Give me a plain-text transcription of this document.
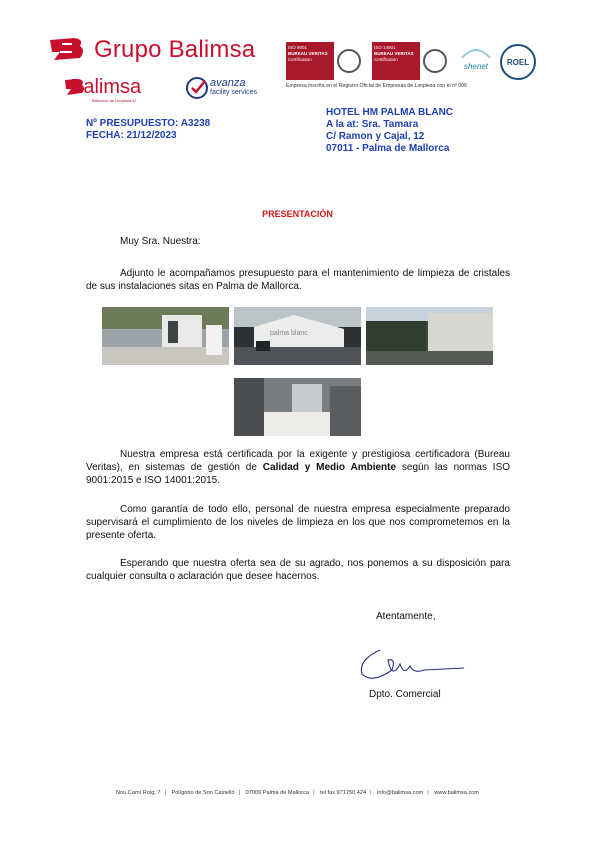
Grupo Balimsa	ISO 9001
BUREAU VERITAS
Certification
ISO 14001
BUREAU VERITAS
Certification
shenet	ROEL
Empresa inscrita en el Registro Oficial de Empresas de Limpieza con el nº 006
Balimsa
Balsones de Limpieza s.l.
avanza
facility services
Nº PRESUPUESTO: A3238
FECHA: 21/12/2023
HOTEL HM PALMA BLANC
A la at: Sra. Tamara
C/ Ramon y Cajal, 12
07011 - Palma de Mallorca
PRESENTACIÓN
Muy Sra. Nuestra:
Adjunto le acompañamos presupuesto para el mantenimiento de limpieza de cristales de sus instalaciones sitas en Palma de Mallorca.
palma blanc
Nuestra empresa está certificada por la exigente y prestigiosa certificadora (Bureau Veritas), en sistemas de gestión de Calidad y Medio Ambiente según las normas ISO 9001:2015 e ISO 14001:2015.
Como garantía de todo ello, personal de nuestra empresa especialmente preparado supervisará el cumplimiento de los niveles de limpieza en los que nos comprometemos en la presente oferta.
Esperando que nuestra oferta sea de su agrado, nos ponemos a su disposición para cualquier consulta o aclaración que desee hacernos.
Atentamente,
Dpto. Comercial
Nou Camí Roig, 7 | Polígono de Son Castelló | 07009 Palma de Mallorca | tel fax 971750 424 | info@balimsa.com | www.balimsa.com
